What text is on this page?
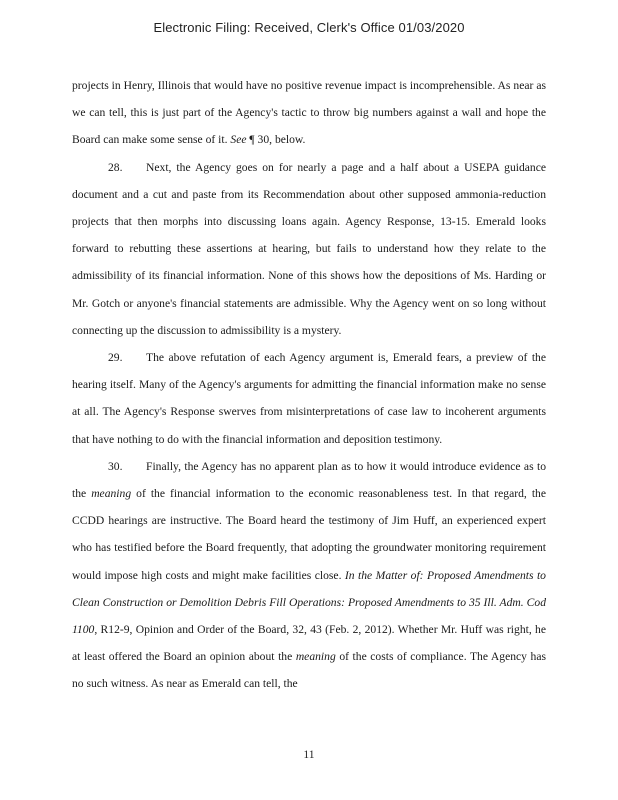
Electronic Filing: Received, Clerk's Office 01/03/2020

projects in Henry, Illinois that would have no positive revenue impact is incomprehensible. As near as we can tell, this is just part of the Agency's tactic to throw big numbers against a wall and hope the Board can make some sense of it. See ¶ 30, below.

28. Next, the Agency goes on for nearly a page and a half about a USEPA guidance document and a cut and paste from its Recommendation about other supposed ammonia-reduction projects that then morphs into discussing loans again. Agency Response, 13-15. Emerald looks forward to rebutting these assertions at hearing, but fails to understand how they relate to the admissibility of its financial information. None of this shows how the depositions of Ms. Harding or Mr. Gotch or anyone's financial statements are admissible. Why the Agency went on so long without connecting up the discussion to admissibility is a mystery.

29. The above refutation of each Agency argument is, Emerald fears, a preview of the hearing itself. Many of the Agency's arguments for admitting the financial information make no sense at all. The Agency's Response swerves from misinterpretations of case law to incoherent arguments that have nothing to do with the financial information and deposition testimony.

30. Finally, the Agency has no apparent plan as to how it would introduce evidence as to the meaning of the financial information to the economic reasonableness test. In that regard, the CCDD hearings are instructive. The Board heard the testimony of Jim Huff, an experienced expert who has testified before the Board frequently, that adopting the groundwater monitoring requirement would impose high costs and might make facilities close. In the Matter of: Proposed Amendments to Clean Construction or Demolition Debris Fill Operations: Proposed Amendments to 35 Ill. Adm. Cod 1100, R12-9, Opinion and Order of the Board, 32, 43 (Feb. 2, 2012). Whether Mr. Huff was right, he at least offered the Board an opinion about the meaning of the costs of compliance. The Agency has no such witness. As near as Emerald can tell, the

11
